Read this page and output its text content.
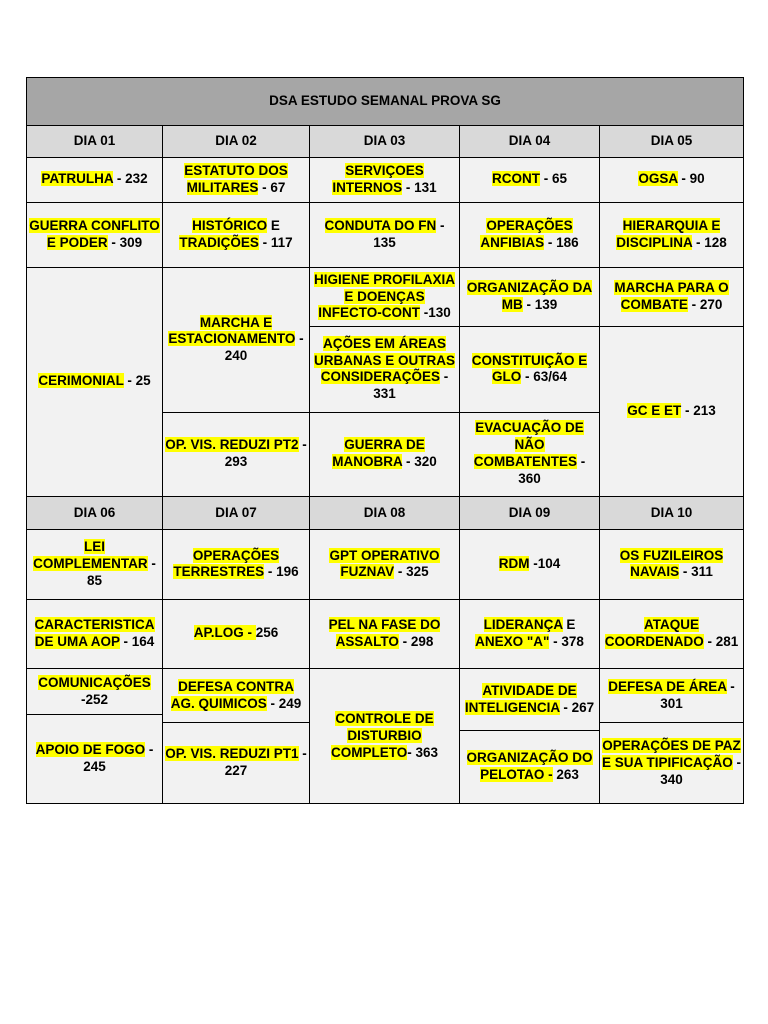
DSA ESTUDO SEMANAL PROVA SG				
DIA 01	DIA 02	DIA 03	DIA 04	DIA 05
PATRULHA - 232	ESTATUTO DOS MILITARES - 67	SERVIÇOES INTERNOS - 131	RCONT - 65	OGSA - 90
GUERRA CONFLITO E PODER - 309	HISTÓRICO E TRADIÇÕES - 117	CONDUTA DO FN - 135	OPERAÇÕES ANFIBIAS - 186	HIERARQUIA E DISCIPLINA - 128
CERIMONIAL - 25	MARCHA E ESTACIONAMENTO - 240	HIGIENE PROFILAXIA E DOENÇAS INFECTO-CONT -130	ORGANIZAÇÃO DA MB - 139	MARCHA PARA O COMBATE - 270
		AÇÕES EM ÁREAS URBANAS E OUTRAS CONSIDERAÇÕES - 331	CONSTITUIÇÃO E GLO - 63/64	GC E ET - 213
	OP. VIS. REDUZI PT2 - 293	GUERRA DE MANOBRA - 320	EVACUAÇÃO DE NÃO COMBATENTES - 360	
DIA 06	DIA 07	DIA 08	DIA 09	DIA 10
LEI COMPLEMENTAR - 85	OPERAÇÕES TERRESTRES - 196	GPT OPERATIVO FUZNAV - 325	RDM -104	OS FUZILEIROS NAVAIS - 311
CARACTERISTICA DE UMA AOP - 164	AP.LOG - 256	PEL NA FASE DO ASSALTO - 298	LIDERANÇA E ANEXO "A" - 378	ATAQUE COORDENADO - 281
COMUNICAÇÕES -252	DEFESA CONTRA AG. QUIMICOS - 249	CONTROLE DE DISTURBIO COMPLETO- 363	ATIVIDADE DE INTELIGENCIA - 267	DEFESA DE ÁREA - 301
APOIO DE FOGO - 245				
	OP. VIS. REDUZI PT1 - 227			OPERAÇÕES DE PAZ E SUA TIPIFICAÇÃO - 340
			ORGANIZAÇÃO DO PELOTAO - 263	
